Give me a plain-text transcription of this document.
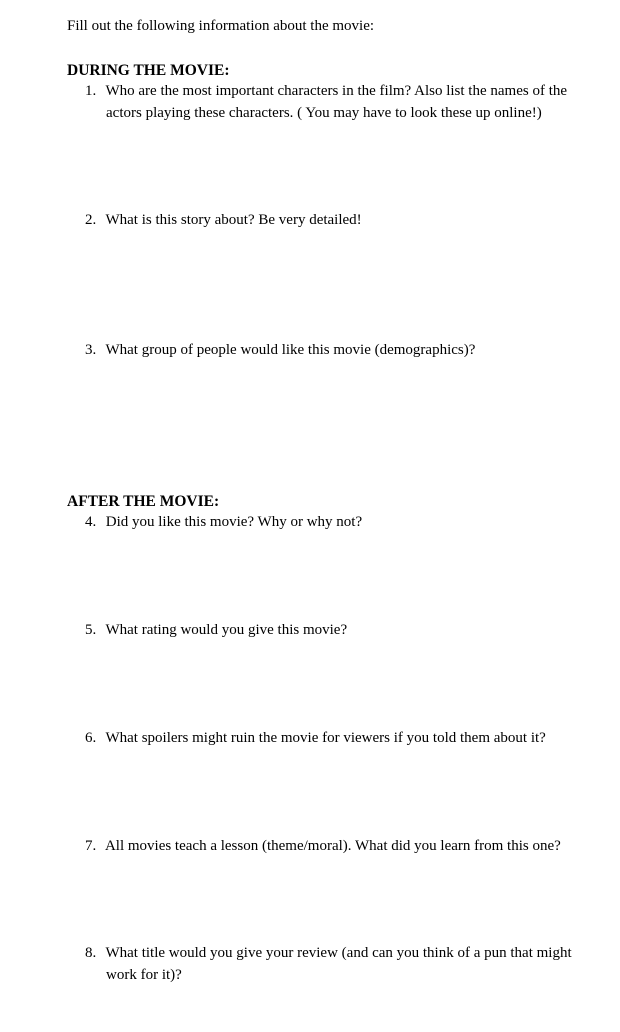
Fill out the following information about the movie:
DURING THE MOVIE:
1. Who are the most important characters in the film? Also list the names of the
actors playing these characters. ( You may have to look these up online!)
2. What is this story about? Be very detailed!
3. What group of people would like this movie (demographics)?
AFTER THE MOVIE:
4. Did you like this movie? Why or why not?
5. What rating would you give this movie?
6. What spoilers might ruin the movie for viewers if you told them about it?
7. All movies teach a lesson (theme/moral). What did you learn from this one?
8. What title would you give your review (and can you think of a pun that might
work for it)?
